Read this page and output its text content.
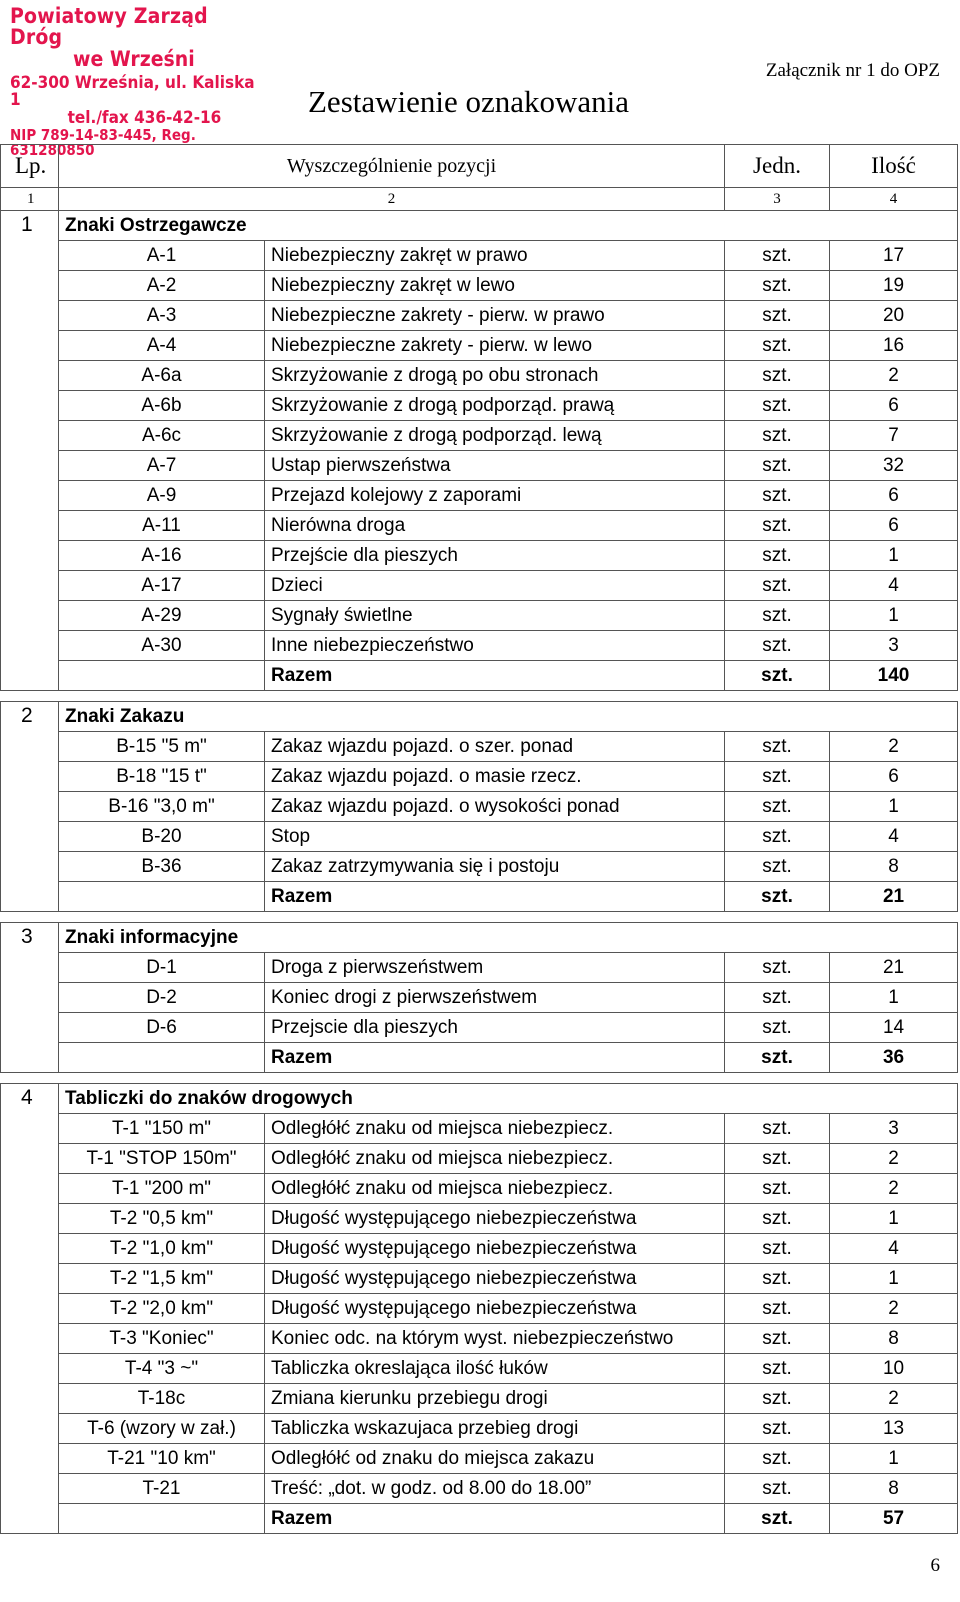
Powiatowy Zarząd Dróg
we Wrześni
62-300 Września, ul. Kaliska 1
tel./fax 436-42-16
NIP 789-14-83-445, Reg. 631280850
Zestawienie oznakowania
Załącznik nr 1 do OPZ
Lp.	Wyszczególnienie pozycji		Jedn.	Ilość
1	2		3	4
1	Znaki Ostrzegawcze			
	A-1	Niebezpieczny zakręt w prawo	szt.	17
	A-2	Niebezpieczny zakręt w lewo	szt.	19
	A-3	Niebezpieczne zakrety - pierw. w prawo	szt.	20
	A-4	Niebezpieczne zakrety - pierw. w lewo	szt.	16
	A-6a	Skrzyżowanie z drogą po obu stronach	szt.	2
	A-6b	Skrzyżowanie z drogą podporząd. prawą	szt.	6
	A-6c	Skrzyżowanie z drogą podporząd. lewą	szt.	7
	A-7	Ustap pierwszeństwa	szt.	32
	A-9	Przejazd kolejowy z zaporami	szt.	6
	A-11	Nierówna droga	szt.	6
	A-16	Przejście dla pieszych	szt.	1
	A-17	Dzieci	szt.	4
	A-29	Sygnały świetlne	szt.	1
	A-30	Inne niebezpieczeństwo	szt.	3
		Razem	szt.	140

2	Znaki Zakazu			
	B-15 "5 m"	Zakaz wjazdu pojazd. o szer. ponad	szt.	2
	B-18 "15 t"	Zakaz wjazdu pojazd. o masie rzecz.	szt.	6
	B-16 "3,0 m"	Zakaz wjazdu pojazd. o wysokości ponad	szt.	1
	B-20	Stop	szt.	4
	B-36	Zakaz zatrzymywania się i postoju	szt.	8
		Razem	szt.	21

3	Znaki informacyjne			
	D-1	Droga z pierwszeństwem	szt.	21
	D-2	Koniec drogi z pierwszeństwem	szt.	1
	D-6	Przejscie dla pieszych	szt.	14
		Razem	szt.	36

4	Tabliczki do znaków drogowych			
	T-1 "150 m"	Odległółć znaku od miejsca niebezpiecz.	szt.	3
	T-1 "STOP 150m"	Odległółć znaku od miejsca niebezpiecz.	szt.	2
	T-1 "200 m"	Odległółć znaku od miejsca niebezpiecz.	szt.	2
	T-2 "0,5 km"	Długość występującego niebezpieczeństwa	szt.	1
	T-2 "1,0 km"	Długość występującego niebezpieczeństwa	szt.	4
	T-2 "1,5 km"	Długość występującego niebezpieczeństwa	szt.	1
	T-2 "2,0 km"	Długość występującego niebezpieczeństwa	szt.	2
	T-3 "Koniec"	Koniec odc. na którym wyst. niebezpieczeństwo	szt.	8
	T-4 "3 ~"	Tabliczka okreslająca ilość łuków	szt.	10
	T-18c	Zmiana kierunku przebiegu drogi	szt.	2
	T-6 (wzory w zał.)	Tabliczka wskazujaca przebieg drogi	szt.	13
	T-21 "10 km"	Odległółć od znaku do miejsca zakazu	szt.	1
	T-21	Treść: „dot. w godz. od 8.00 do 18.00”	szt.	8
		Razem	szt.	57
6
